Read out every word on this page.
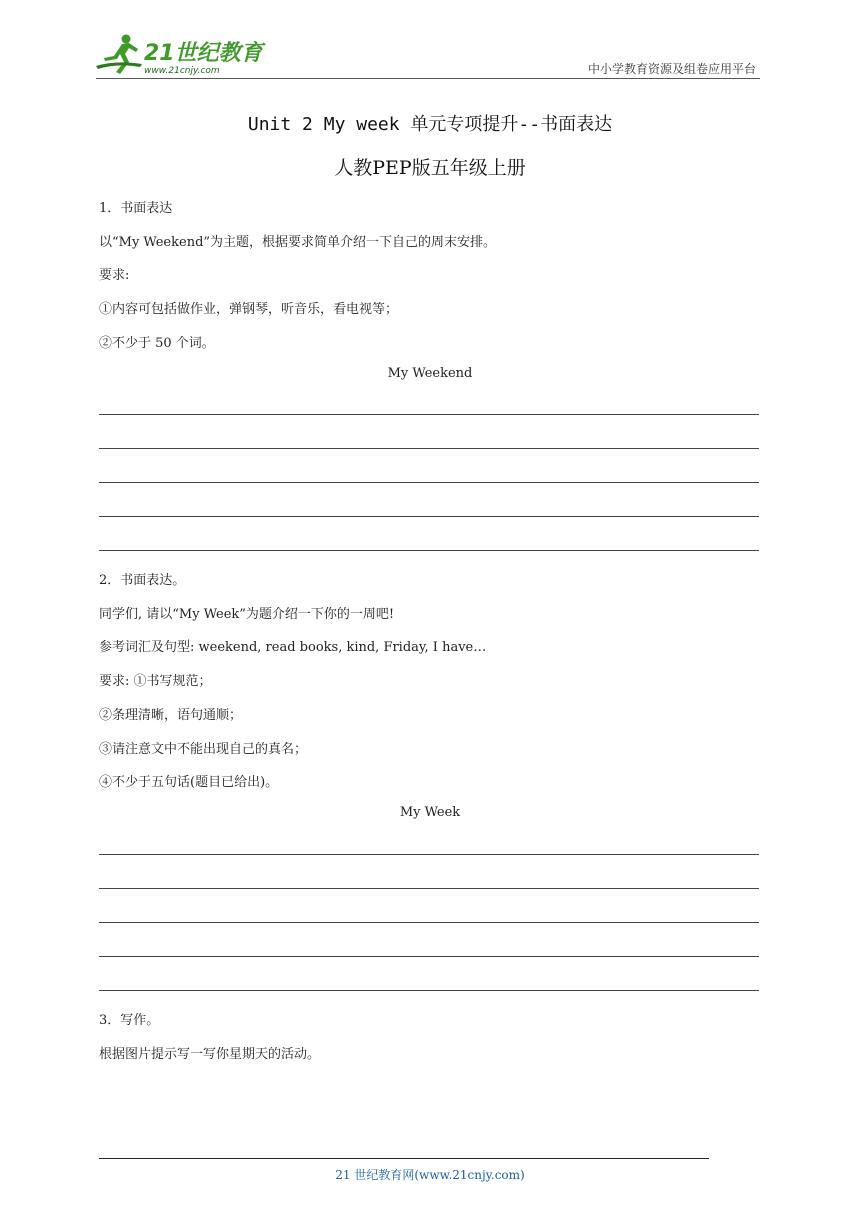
21世纪教育
www.21cnjy.com	中小学教育资源及组卷应用平台
Unit 2 My week 单元专项提升--书面表达
人教PEP版五年级上册
1．书面表达
以“My Weekend”为主题，根据要求简单介绍一下自己的周末安排。
要求:
①内容可包括做作业，弹钢琴，听音乐，看电视等；
②不少于 50 个词。
My Weekend
2．书面表达。
同学们, 请以“My Week”为题介绍一下你的一周吧!
参考词汇及句型: weekend, read books, kind, Friday, I have…
要求: ①书写规范；
②条理清晰，语句通顺；
③请注意文中不能出现自己的真名；
④不少于五句话(题目已给出)。
My Week
3．写作。
根据图片提示写一写你星期天的活动。
21 世纪教育网(www.21cnjy.com)
